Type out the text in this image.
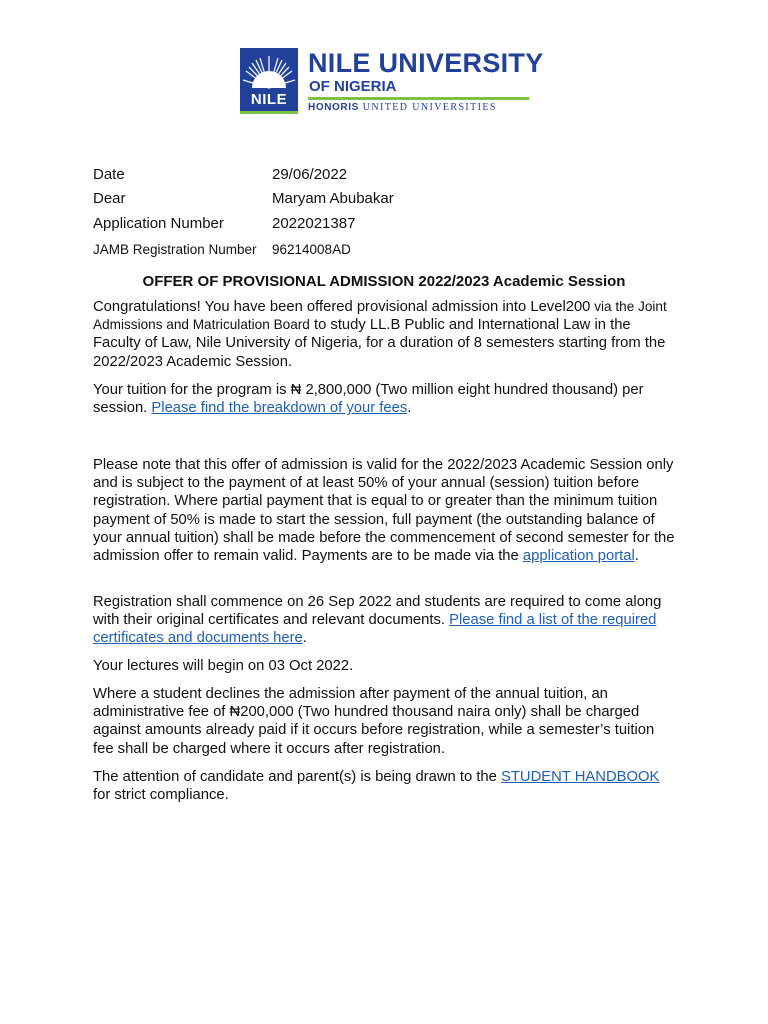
NILE
NILE UNIVERSITY
OF NIGERIA
HONORIS UNITED UNIVERSITIES
Date	29/06/2022
Dear	Maryam Abubakar
Application Number	2022021387
JAMB Registration Number	96214008AD
OFFER OF PROVISIONAL ADMISSION 2022/2023 Academic Session

Congratulations! You have been offered provisional admission into Level200 via the Joint Admissions and Matriculation Board to study LL.B Public and International Law in the Faculty of Law, Nile University of Nigeria, for a duration of 8 semesters starting from the 2022/2023 Academic Session.

Your tuition for the program is ₦ 2,800,000 (Two million eight hundred thousand) per session. Please find the breakdown of your fees.

Please note that this offer of admission is valid for the 2022/2023 Academic Session only and is subject to the payment of at least 50% of your annual (session) tuition before registration. Where partial payment that is equal to or greater than the minimum tuition payment of 50% is made to start the session, full payment (the outstanding balance of your annual tuition) shall be made before the commencement of second semester for the admission offer to remain valid. Payments are to be made via the application portal.

Registration shall commence on 26 Sep 2022 and students are required to come along with their original certificates and relevant documents. Please find a list of the required certificates and documents here.

Your lectures will begin on 03 Oct 2022.

Where a student declines the admission after payment of the annual tuition, an administrative fee of ₦200,000 (Two hundred thousand naira only) shall be charged against amounts already paid if it occurs before registration, while a semester’s tuition fee shall be charged where it occurs after registration.

The attention of candidate and parent(s) is being drawn to the STUDENT HANDBOOK for strict compliance.
